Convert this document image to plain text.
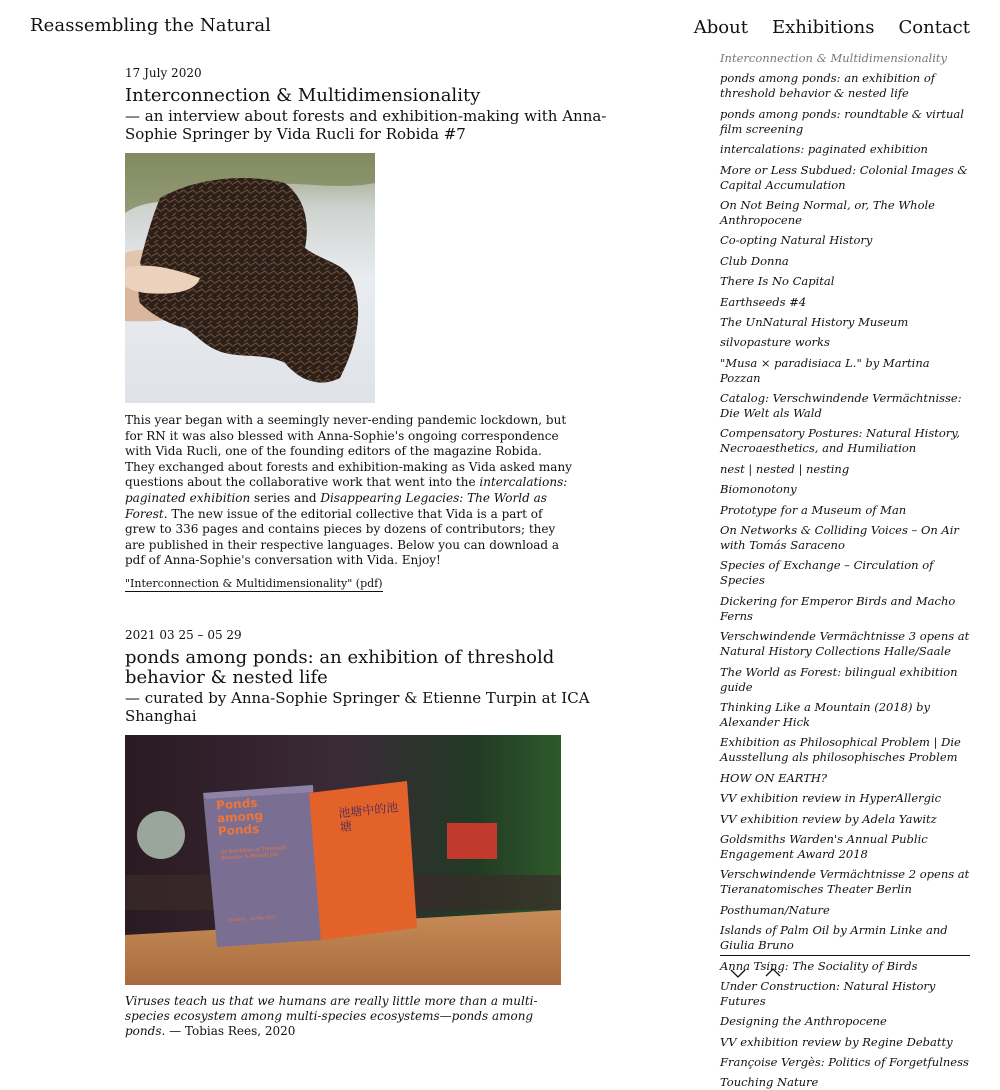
Reassembling the Natural	About Exhibitions Contact
17 July 2020
Interconnection & Multidimensionality
— an interview about forests and exhibition-making with Anna-Sophie Springer by Vida Rucli for Robida #7

This year began with a seemingly never-ending pandemic lockdown, but for RN it was also blessed with Anna-Sophie's ongoing correspondence with Vida Rucli, one of the founding editors of the magazine Robida. They exchanged about forests and exhibition-making as Vida asked many questions about the collaborative work that went into the intercalations: paginated exhibition series and Disappearing Legacies: The World as Forest. The new issue of the editorial collective that Vida is a part of grew to 336 pages and contains pieces by dozens of contributors; they are published in their respective languages. Below you can download a pdf of Anna-Sophie's conversation with Vida. Enjoy!

"Interconnection & Multidimensionality" (pdf)
2021 03 25 – 05 29
ponds among ponds: an exhibition of threshold behavior & nested life
— curated by Anna-Sophie Springer & Etienne Turpin at ICA Shanghai
Ponds among Ponds
An Exhibition of Threshold Behavior & Nested Life
25 March – 29 May 2021
池塘中的池塘

Viruses teach us that we humans are really little more than a multi-species ecosystem among multi-species ecosystems—ponds among ponds. — Tobias Rees, 2020

Interconnection & Multidimensionality
ponds among ponds: an exhibition of threshold behavior & nested life
ponds among ponds: roundtable & virtual film screening
intercalations: paginated exhibition
More or Less Subdued: Colonial Images & Capital Accumulation
On Not Being Normal, or, The Whole Anthropocene
Co-opting Natural History
Club Donna
There Is No Capital
Earthseeds #4
The UnNatural History Museum
silvopasture works
"Musa × paradisiaca L." by Martina Pozzan
Catalog: Verschwindende Vermächtnisse: Die Welt als Wald
Compensatory Postures: Natural History, Necroaesthetics, and Humiliation
nest | nested | nesting
Biomonotony
Prototype for a Museum of Man
On Networks & Colliding Voices – On Air with Tomás Saraceno
Species of Exchange – Circulation of Species
Dickering for Emperor Birds and Macho Ferns
Verschwindende Vermächtnisse 3 opens at Natural History Collections Halle/Saale
The World as Forest: bilingual exhibition guide
Thinking Like a Mountain (2018) by Alexander Hick
Exhibition as Philosophical Problem | Die Ausstellung als philosophisches Problem
HOW ON EARTH?
VV exhibition review in HyperAllergic
VV exhibition review by Adela Yawitz
Goldsmiths Warden's Annual Public Engagement Award 2018
Verschwindende Vermächtnisse 2 opens at Tieranatomisches Theater Berlin
Posthuman/Nature
Islands of Palm Oil by Armin Linke and Giulia Bruno
Anna Tsing: The Sociality of Birds
Under Construction: Natural History Futures
Designing the Anthropocene
VV exhibition review by Regine Debatty
Françoise Vergès: Politics of Forgetfulness
Touching Nature
